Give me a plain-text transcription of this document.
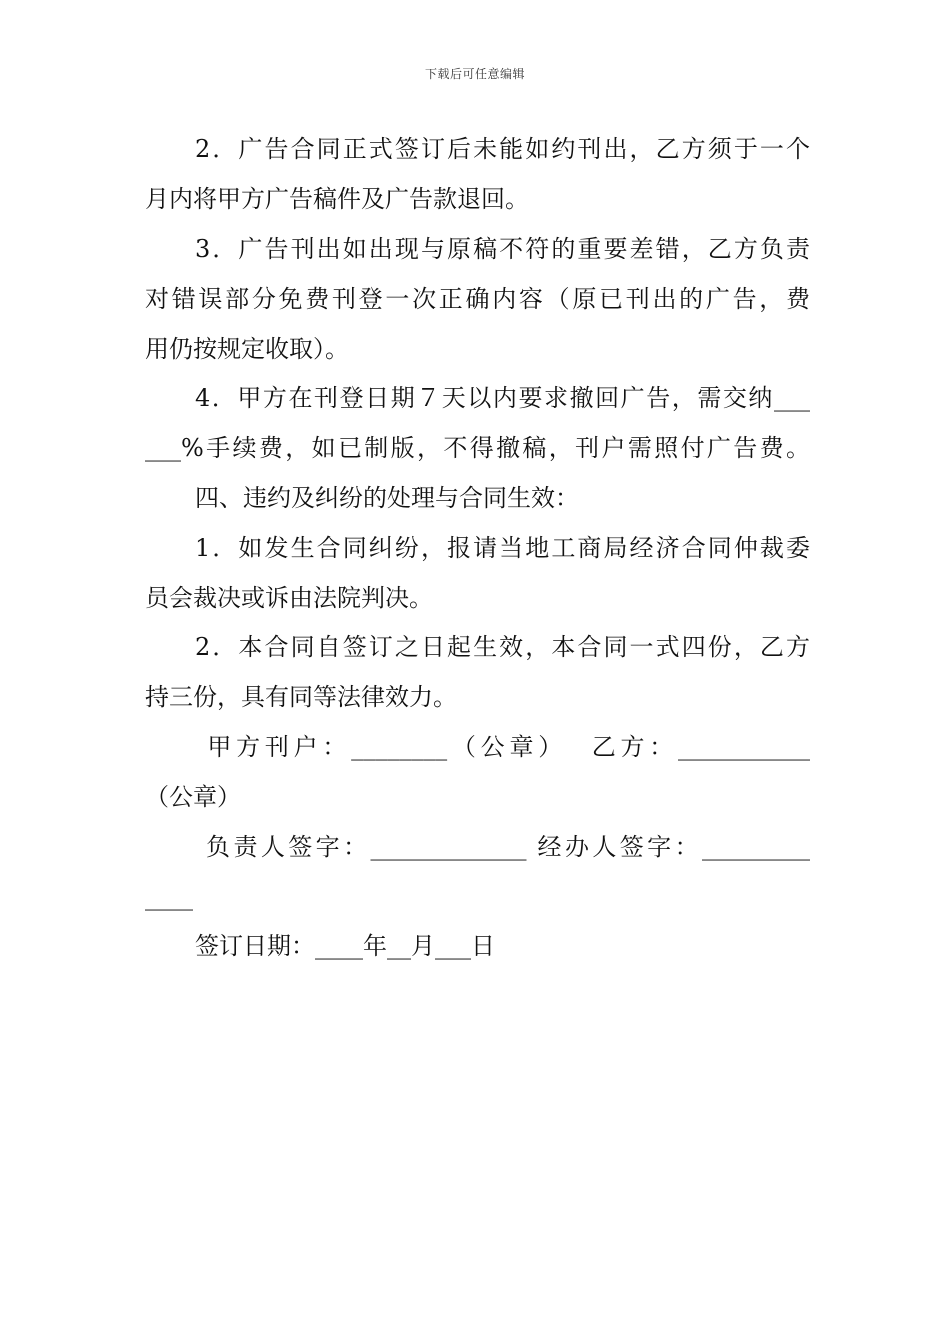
下载后可任意编辑
2．广告合同正式签订后未能如约刊出，乙方须于一个
月内将甲方广告稿件及广告款退回。
3．广告刊出如出现与原稿不符的重要差错，乙方负责
对错误部分免费刊登一次正确内容（原已刊出的广告，费
用仍按规定收取）。
4．甲方在刊登日期７天以内要求撤回广告，需交纳___
___%手续费，如已制版，不得撤稿，刊户需照付广告费。
四、违约及纠纷的处理与合同生效：
1．如发生合同纠纷，报请当地工商局经济合同仲裁委
员会裁决或诉由法院判决。
2．本合同自签订之日起生效，本合同一式四份，乙方
持三份，具有同等法律效力。
甲方刊户：________（公章）  乙方：___________
（公章）
负责人签字：_____________ 经办人签字：_________
____
签订日期：____年__月___日
